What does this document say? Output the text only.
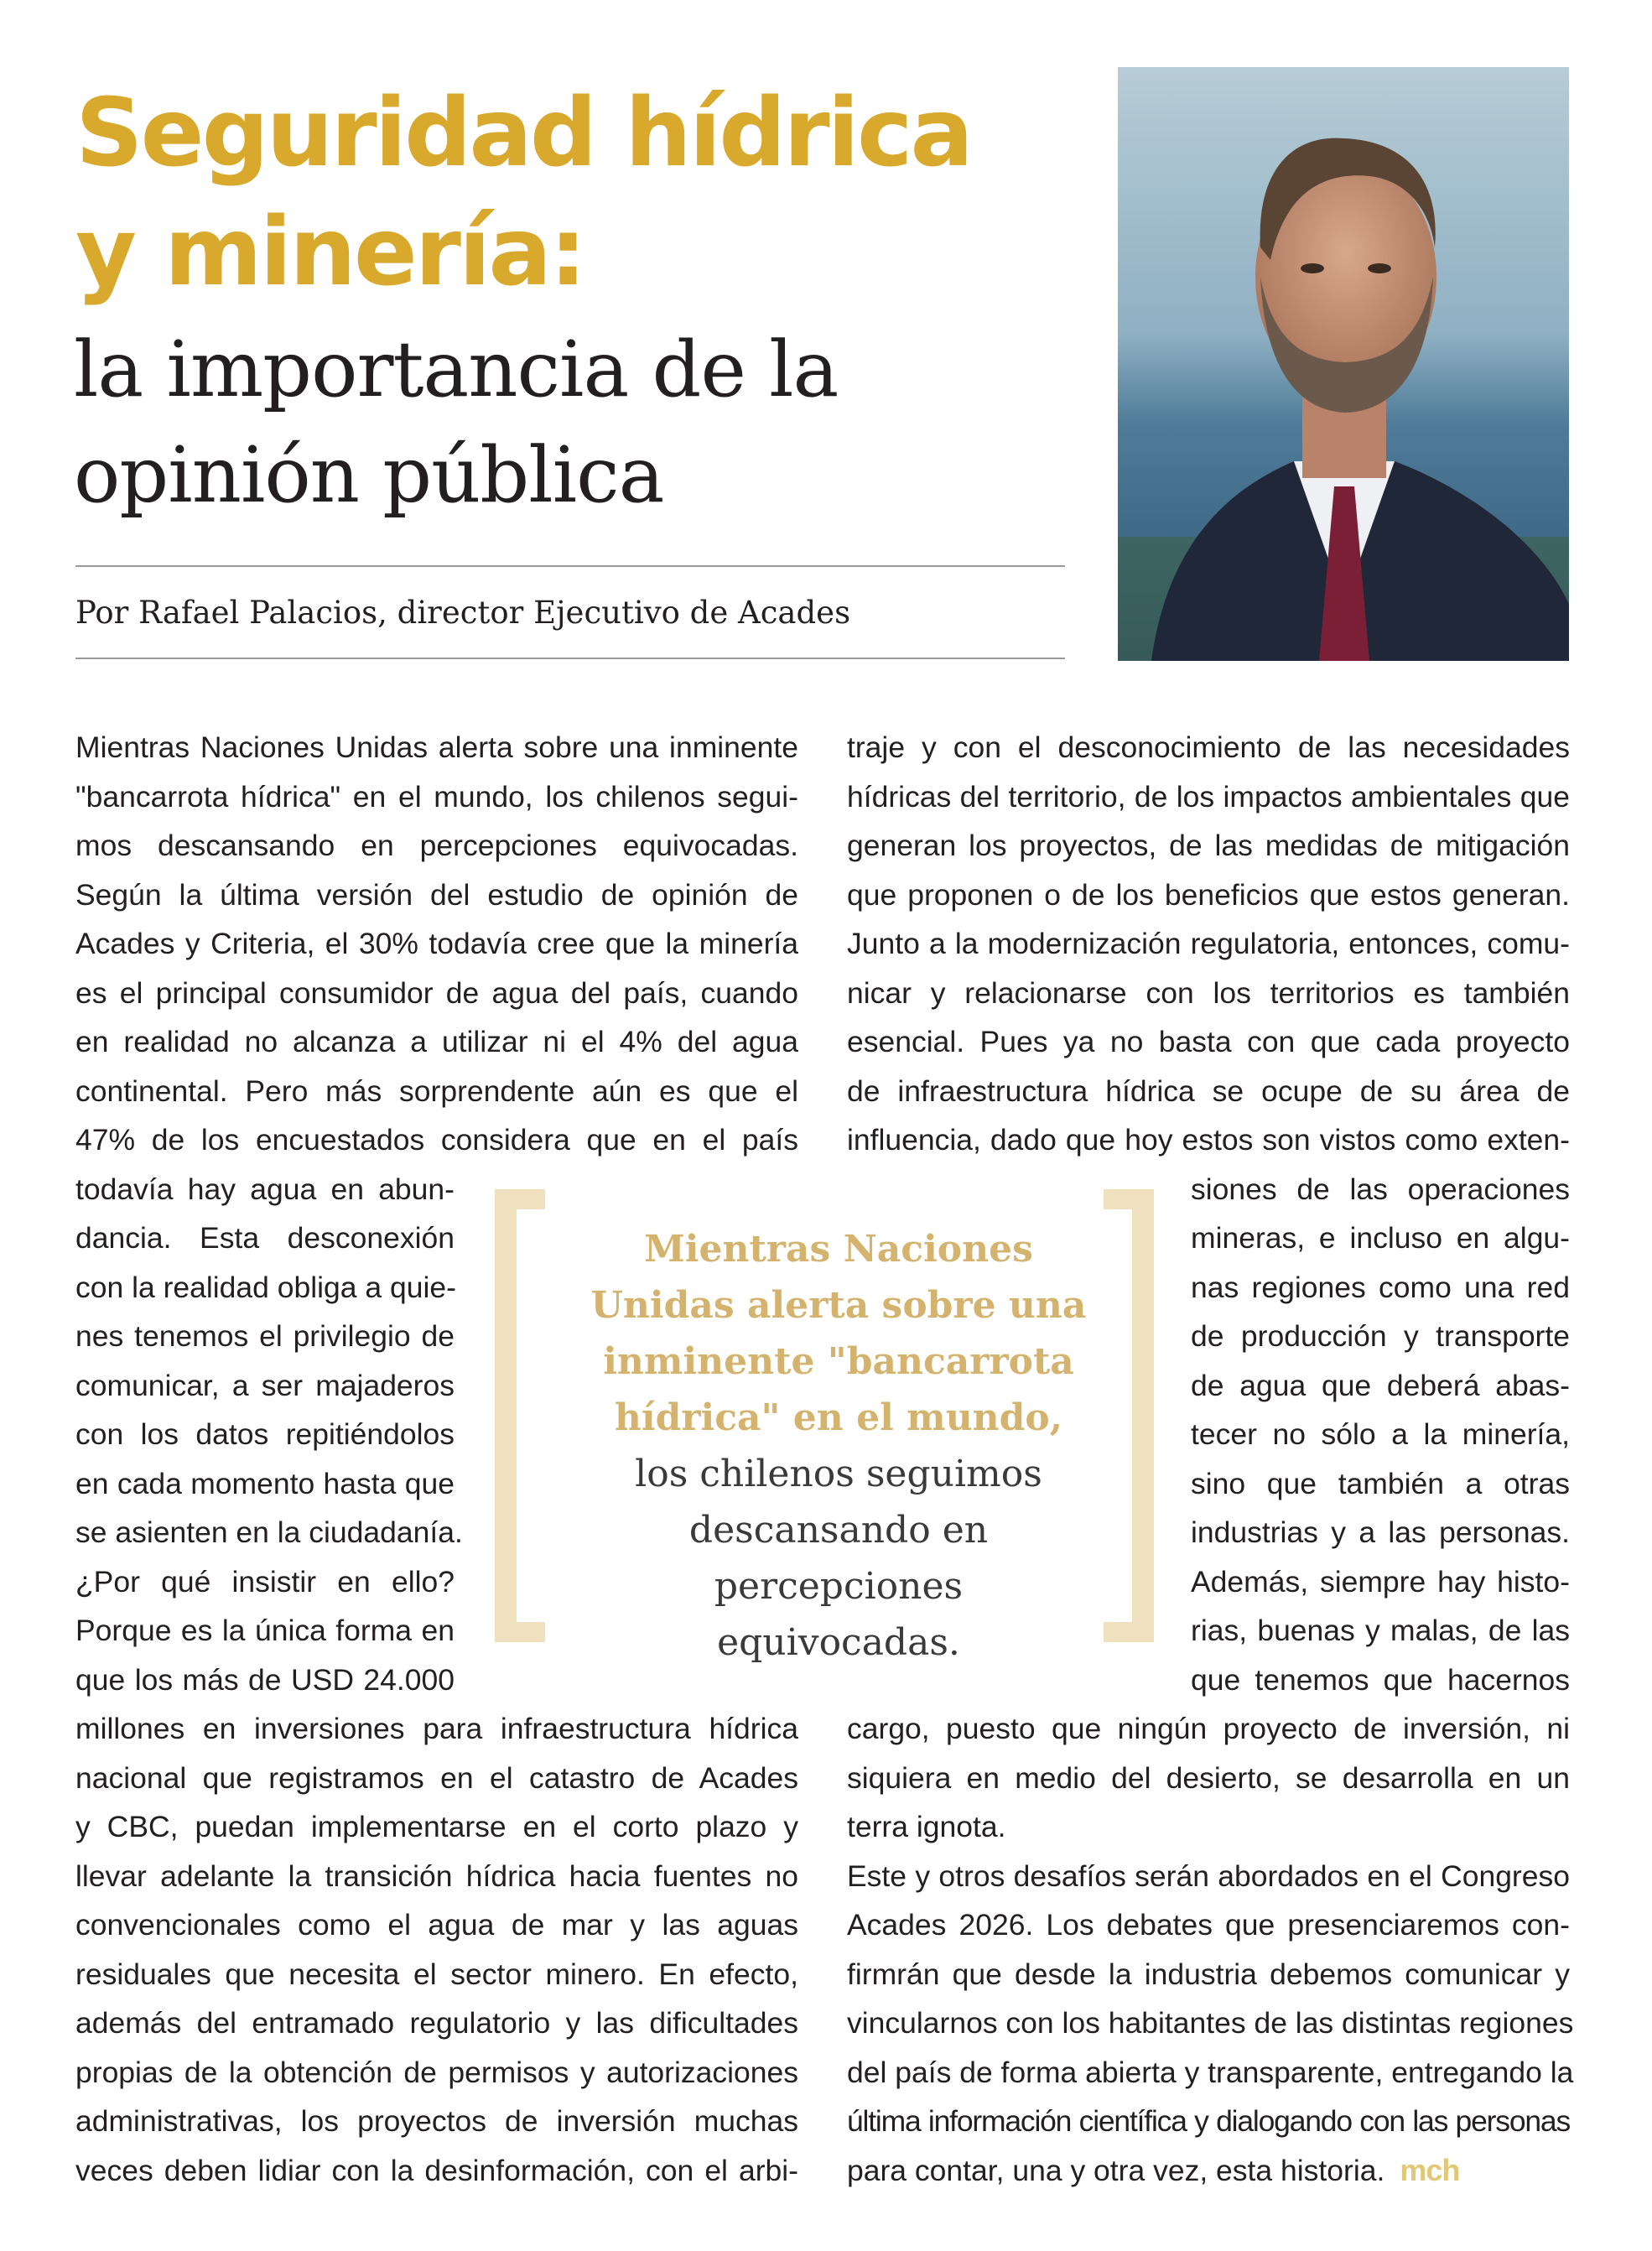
Seguridad hídrica
y minería:
la importancia de la
opinión pública
Por Rafael Palacios, director Ejecutivo de Acades
Mientras Naciones Unidas alerta sobre una inminente
"bancarrota hídrica" en el mundo, los chilenos segui-
mos descansando en percepciones equivocadas.
Según la última versión del estudio de opinión de
Acades y Criteria, el 30% todavía cree que la minería
es el principal consumidor de agua del país, cuando
en realidad no alcanza a utilizar ni el 4% del agua
continental. Pero más sorprendente aún es que el
47% de los encuestados considera que en el país
todavía hay agua en abun-
dancia. Esta desconexión
con la realidad obliga a quie-
nes tenemos el privilegio de
comunicar, a ser majaderos
con los datos repitiéndolos
en cada momento hasta que
se asienten en la ciudadanía.
¿Por qué insistir en ello?
Porque es la única forma en
que los más de USD 24.000
millones en inversiones para infraestructura hídrica
nacional que registramos en el catastro de Acades
y CBC, puedan implementarse en el corto plazo y
llevar adelante la transición hídrica hacia fuentes no
convencionales como el agua de mar y las aguas
residuales que necesita el sector minero. En efecto,
además del entramado regulatorio y las dificultades
propias de la obtención de permisos y autorizaciones
administrativas, los proyectos de inversión muchas
veces deben lidiar con la desinformación, con el arbi-
traje y con el desconocimiento de las necesidades
hídricas del territorio, de los impactos ambientales que
generan los proyectos, de las medidas de mitigación
que proponen o de los beneficios que estos generan.
Junto a la modernización regulatoria, entonces, comu-
nicar y relacionarse con los territorios es también
esencial. Pues ya no basta con que cada proyecto
de infraestructura hídrica se ocupe de su área de
influencia, dado que hoy estos son vistos como exten-
siones de las operaciones
mineras, e incluso en algu-
nas regiones como una red
de producción y transporte
de agua que deberá abas-
tecer no sólo a la minería,
sino que también a otras
industrias y a las personas.
Además, siempre hay histo-
rias, buenas y malas, de las
que tenemos que hacernos
cargo, puesto que ningún proyecto de inversión, ni
siquiera en medio del desierto, se desarrolla en un
terra ignota.
Este y otros desafíos serán abordados en el Congreso
Acades 2026. Los debates que presenciaremos con-
firmrán que desde la industria debemos comunicar y
vincularnos con los habitantes de las distintas regiones
del país de forma abierta y transparente, entregando la
última información científica y dialogando con las personas
para contar, una y otra vez, esta historia. mch
Mientras Naciones
Unidas alerta sobre una
inminente "bancarrota
hídrica" en el mundo,
los chilenos seguimos
descansando en
percepciones equivocadas.
